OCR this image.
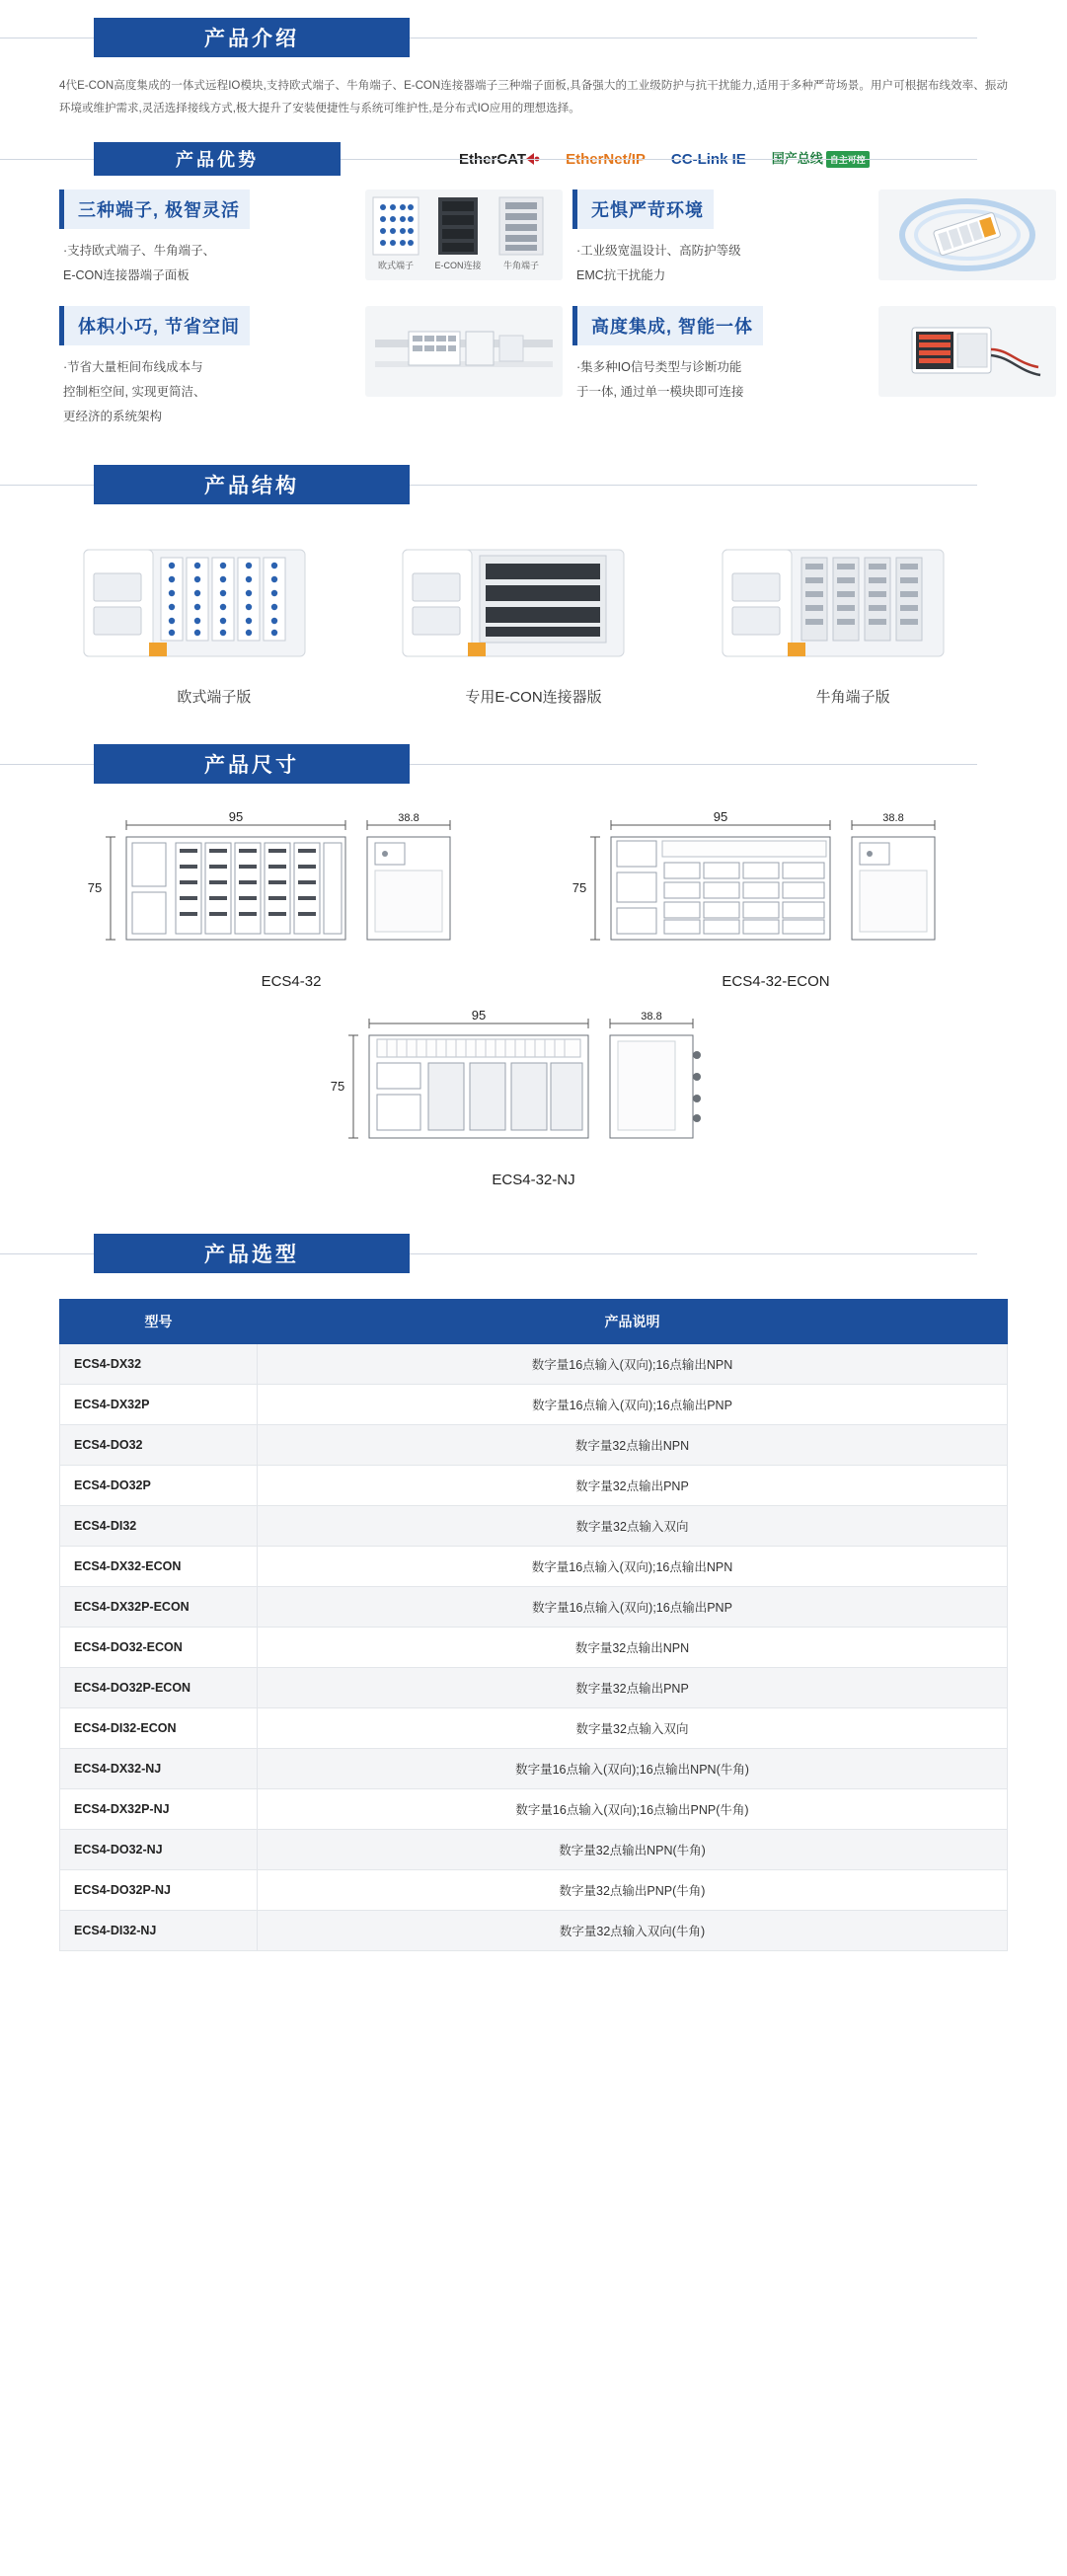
产品介绍
4代E-CON高度集成的一体式远程IO模块,支持欧式端子、牛角端子、E-CON连接器端子三种端子面板,具备强大的工业级防护与抗干扰能力,适用于多种严苛场景。用户可根据布线效率、振动环境或维护需求,灵活选择接线方式,极大提升了安装便捷性与系统可维护性,是分布式IO应用的理想选择。
产品优势
三种端子, 极智灵活
·支持欧式端子、牛角端子、
E-CON连接器端子面板
欧式端子 E-CON连接 牛角端子
无惧严苛环境
·工业级宽温设计、高防护等级
EMC抗干扰能力
体积小巧, 节省空间
·节省大量柜间布线成本与
控制柜空间, 实现更简洁、
更经济的系统架构
高度集成, 智能一体
·集多种IO信号类型与诊断功能
于一体, 通过单一模块即可连接
产品结构
欧式端子版	专用E-CON连接器版	牛角端子版
产品尺寸
95	38.8
75
ECS4-32
95	38.8
75
ECS4-32-ECON
95	38.8
75
ECS4-32-NJ
产品选型
型号	产品说明
ECS4-DX32	数字量16点输入(双向);16点输出NPN
ECS4-DX32P	数字量16点输入(双向);16点输出PNP
ECS4-DO32	数字量32点输出NPN
ECS4-DO32P	数字量32点输出PNP
ECS4-DI32	数字量32点输入双向
ECS4-DX32-ECON	数字量16点输入(双向);16点输出NPN
ECS4-DX32P-ECON	数字量16点输入(双向);16点输出PNP
ECS4-DO32-ECON	数字量32点输出NPN
ECS4-DO32P-ECON	数字量32点输出PNP
ECS4-DI32-ECON	数字量32点输入双向
ECS4-DX32-NJ	数字量16点输入(双向);16点输出NPN(牛角)
ECS4-DX32P-NJ	数字量16点输入(双向);16点输出PNP(牛角)
ECS4-DO32-NJ	数字量32点输出NPN(牛角)
ECS4-DO32P-NJ	数字量32点输出PNP(牛角)
ECS4-DI32-NJ	数字量32点输入双向(牛角)
